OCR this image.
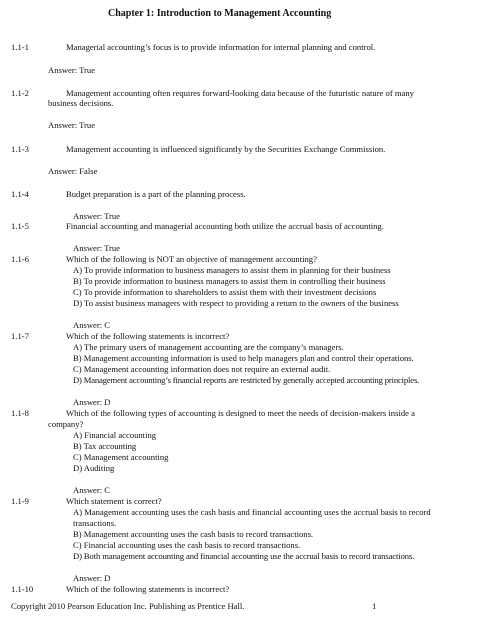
Chapter 1: Introduction to Management Accounting
1.1-1	Managerial accounting’s focus is to provide information for internal planning and control.
Answer: True
1.1-2	Management accounting often requires forward-looking data because of the futuristic nature of many
business decisions.
Answer: True
1.1-3	Management accounting is influenced significantly by the Securities Exchange Commission.
Answer: False
1.1-4	Budget preparation is a part of the planning process.
Answer: True
1.1-5	Financial accounting and managerial accounting both utilize the accrual basis of accounting.
Answer: True
1.1-6	Which of the following is NOT an objective of management accounting?
A) To provide information to business managers to assist them in planning for their business
B) To provide information to business managers to assist them in controlling their business
C) To provide information to shareholders to assist them with their investment decisions
D) To assist business managers with respect to providing a return to the owners of the business
Answer: C
1.1-7	Which of the following statements is incorrect?
A) The primary users of management accounting are the company’s managers.
B) Management accounting information is used to help managers plan and control their operations.
C) Management accounting information does not require an external audit.
D) Management accounting’s financial reports are restricted by generally accepted accounting principles.
Answer: D
1.1-8	Which of the following types of accounting is designed to meet the needs of decision-makers inside a
company?
A) Financial accounting
B) Tax accounting
C) Management accounting
D) Auditing
Answer: C
1.1-9	Which statement is correct?
A) Management accounting uses the cash basis and financial accounting uses the accrual basis to record
transactions.
B) Management accounting uses the cash basis to record transactions.
C) Financial accounting uses the cash basis to record transactions.
D) Both management accounting and financial accounting use the accrual basis to record transactions.
Answer: D
1.1-10	Which of the following statements is incorrect?
Copyright 2010 Pearson Education Inc. Publishing as Prentice Hall.	1
